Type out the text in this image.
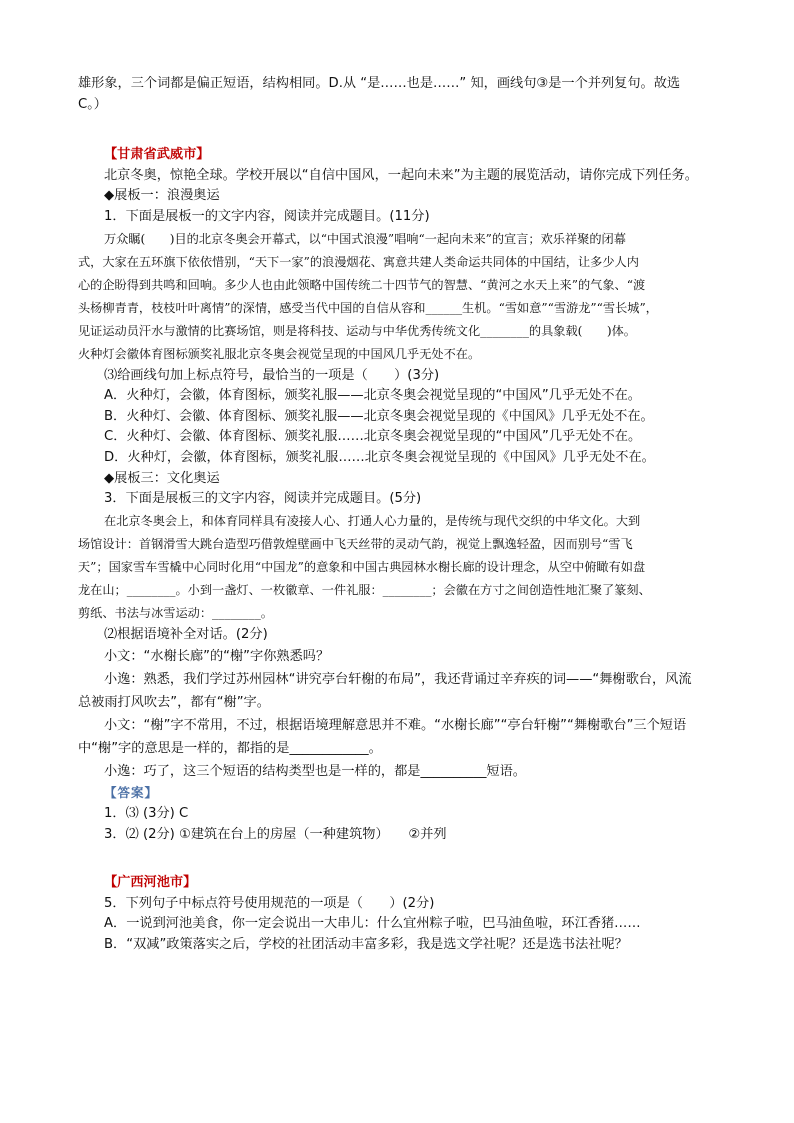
雄形象，三个词都是偏正短语，结构相同。D.从 “是……也是……” 知，画线句③是一个并列复句。故选

C。）

【甘肃省武威市】

北京冬奥，惊艳全球。学校开展以“自信中国风，一起向未来”为主题的展览活动，请你完成下列任务。

◆展板一：浪漫奥运

1．下面是展板一的文字内容，阅读并完成题目。(11分)

万众瞩(　　)目的北京冬奥会开幕式，以“中国式浪漫”唱响“一起向未来”的宣言；欢乐祥聚的闭幕

式，大家在五环旗下依依惜别，“天下一家”的浪漫烟花、寓意共建人类命运共同体的中国结，让多少人内

心的企盼得到共鸣和回响。多少人也由此领略中国传统二十四节气的智慧、“黄河之水天上来”的气象、“渡

头杨柳青青，枝枝叶叶离情”的深情，感受当代中国的自信从容和______生机。“雪如意”“雪游龙”“雪长城”，

见证运动员汗水与激情的比赛场馆，则是将科技、运动与中华优秀传统文化________的具象载(　　)体。

火种灯会徽体育图标颁奖礼服北京冬奥会视觉呈现的中国风几乎无处不在。

⑶给画线句加上标点符号，最恰当的一项是（　　）(3分)

A．火种灯，会徽，体育图标，颁奖礼服——北京冬奥会视觉呈现的“中国风”几乎无处不在。

B．火种灯、会徽、体育图标、颁奖礼服——北京冬奥会视觉呈现的《中国风》几乎无处不在。

C．火种灯、会徽、体育图标、颁奖礼服……北京冬奥会视觉呈现的“中国风”几乎无处不在。

D．火种灯，会徽，体育图标，颁奖礼服……北京冬奥会视觉呈现的《中国风》几乎无处不在。

◆展板三：文化奥运

3．下面是展板三的文字内容，阅读并完成题目。(5分)

在北京冬奥会上，和体育同样具有凌接人心、打通人心力量的，是传统与现代交织的中华文化。大到

场馆设计：首钢滑雪大跳台造型巧借敦煌壁画中飞天丝带的灵动气韵，视觉上飘逸轻盈，因而别号“雪飞

天”；国家雪车雪橇中心同时化用“中国龙”的意象和中国古典园林水榭长廊的设计理念，从空中俯瞰有如盘

龙在山；________。小到一盏灯、一枚徽章、一件礼服：________；会徽在方寸之间创造性地汇聚了篆刻、

剪纸、书法与冰雪运动：________。

⑵根据语境补全对话。(2分)

小文：“水榭长廊”的“榭”字你熟悉吗？

小逸：熟悉，我们学过苏州园林“讲究亭台轩榭的布局”，我还背诵过辛弃疾的词——“舞榭歌台，风流

总被雨打风吹去”，都有“榭”字。

小文：“榭”字不常用，不过，根据语境理解意思并不难。“水榭长廊”“亭台轩榭”“舞榭歌台”三个短语

中“榭”字的意思是一样的，都指的是____________。

小逸：巧了，这三个短语的结构类型也是一样的，都是__________短语。

【答案】

1．⑶ (3分) C

3．⑵ (2分) ①建筑在台上的房屋（一种建筑物）　　②并列

【广西河池市】

5．下列句子中标点符号使用规范的一项是（　　）(2分)

A．一说到河池美食，你一定会说出一大串儿：什么宜州粽子啦，巴马油鱼啦，环江香猪……

B．“双减”政策落实之后，学校的社团活动丰富多彩，我是选文学社呢？还是选书法社呢？
